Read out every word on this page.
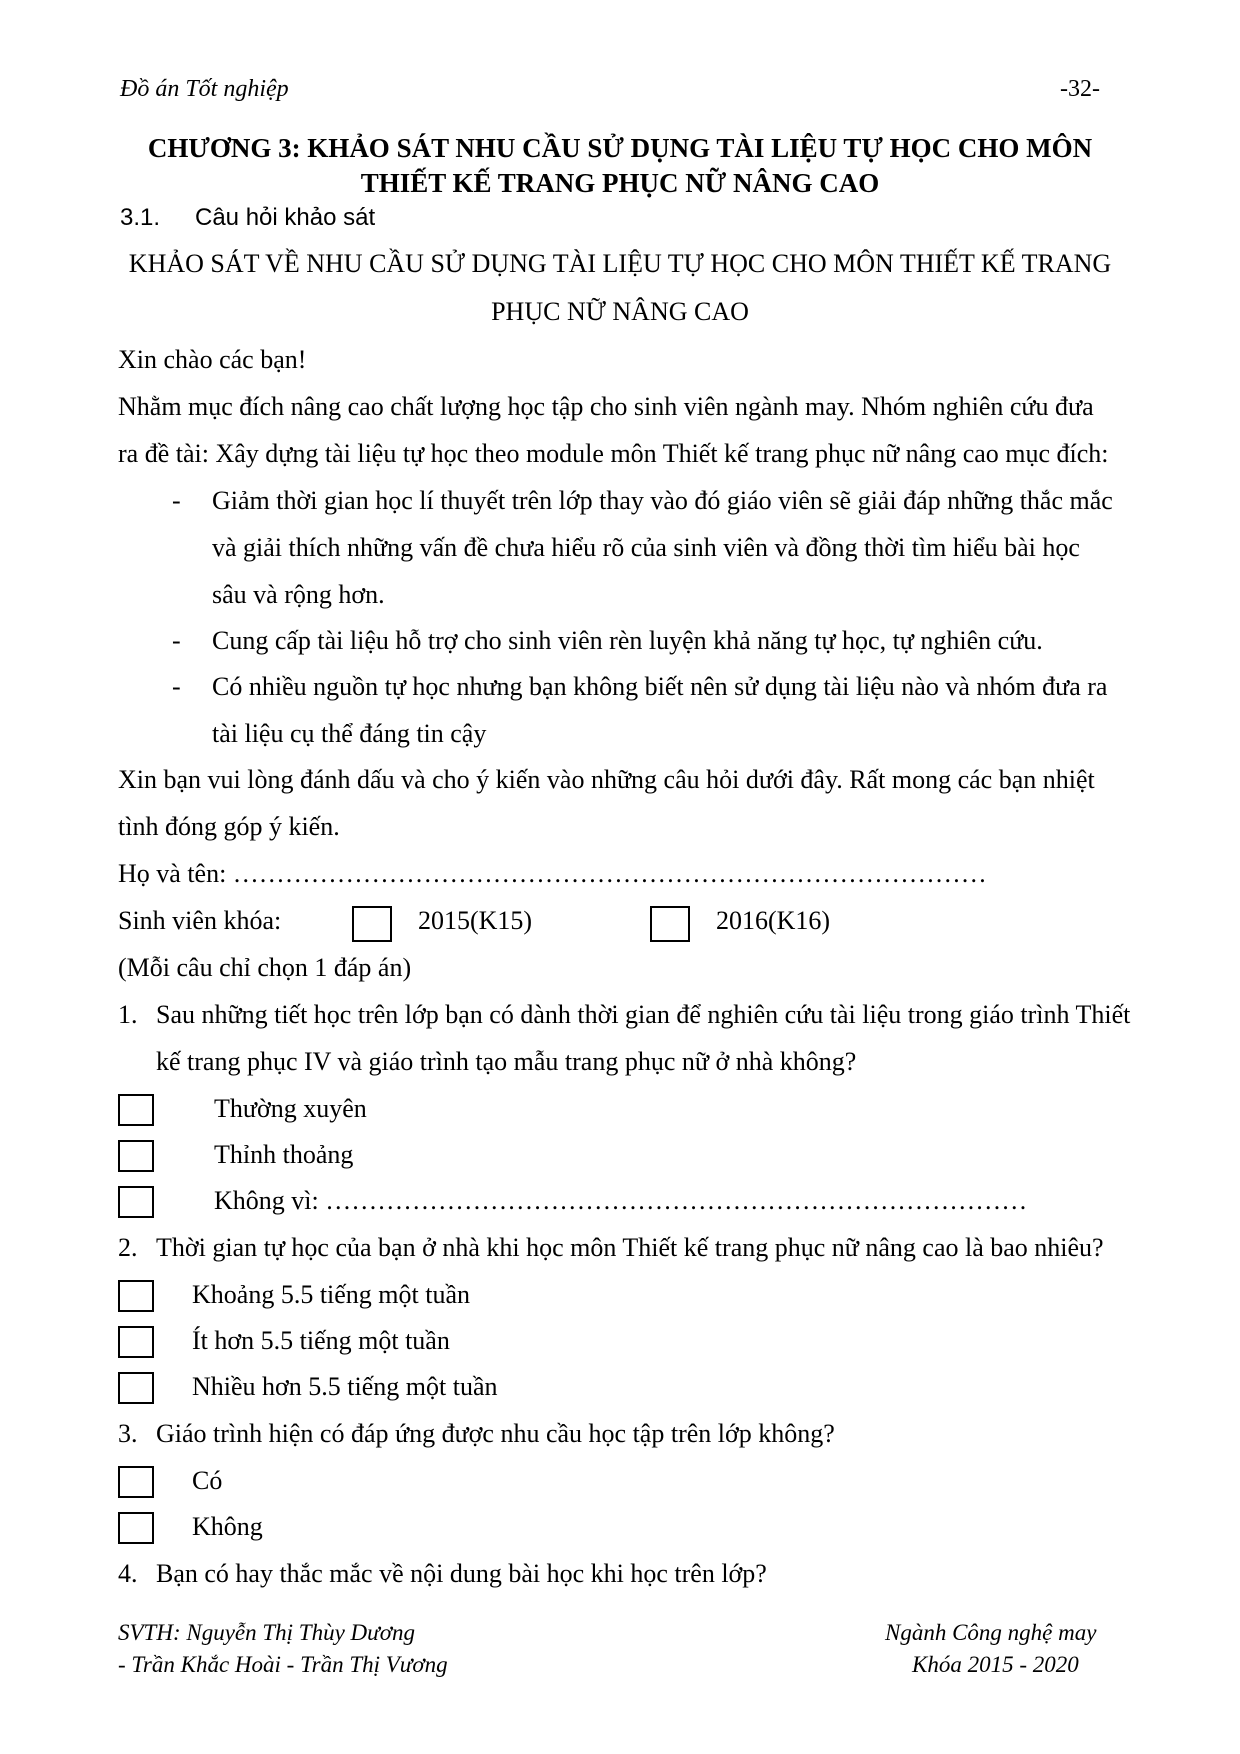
Đồ án Tốt nghiệp	-32-
CHƯƠNG 3: KHẢO SÁT NHU CẦU SỬ DỤNG TÀI LIỆU TỰ HỌC CHO MÔN
THIẾT KẾ TRANG PHỤC NỮ NÂNG CAO
3.1. Câu hỏi khảo sát
KHẢO SÁT VỀ NHU CẦU SỬ DỤNG TÀI LIỆU TỰ HỌC CHO MÔN THIẾT KẾ TRANG
PHỤC NỮ NÂNG CAO
Xin chào các bạn!
Nhằm mục đích nâng cao chất lượng học tập cho sinh viên ngành may. Nhóm nghiên cứu đưa
ra đề tài: Xây dựng tài liệu tự học theo module môn Thiết kế trang phục nữ nâng cao mục đích:
- Giảm thời gian học lí thuyết trên lớp thay vào đó giáo viên sẽ giải đáp những thắc mắc
và giải thích những vấn đề chưa hiểu rõ của sinh viên và đồng thời tìm hiểu bài học
sâu và rộng hơn.
- Cung cấp tài liệu hỗ trợ cho sinh viên rèn luyện khả năng tự học, tự nghiên cứu.
- Có nhiều nguồn tự học nhưng bạn không biết nên sử dụng tài liệu nào và nhóm đưa ra
tài liệu cụ thể đáng tin cậy
Xin bạn vui lòng đánh dấu và cho ý kiến vào những câu hỏi dưới đây. Rất mong các bạn nhiệt
tình đóng góp ý kiến.
Họ và tên: ……………………………………………………………………………
Sinh viên khóa:	2015(K15)	2016(K16)
(Mỗi câu chỉ chọn 1 đáp án)
1. Sau những tiết học trên lớp bạn có dành thời gian để nghiên cứu tài liệu trong giáo trình Thiết
kế trang phục IV và giáo trình tạo mẫu trang phục nữ ở nhà không?
Thường xuyên
Thỉnh thoảng
Không vì: ………………………………………………………………………
2. Thời gian tự học của bạn ở nhà khi học môn Thiết kế trang phục nữ nâng cao là bao nhiêu?
Khoảng 5.5 tiếng một tuần
Ít hơn 5.5 tiếng một tuần
Nhiều hơn 5.5 tiếng một tuần
3. Giáo trình hiện có đáp ứng được nhu cầu học tập trên lớp không?
Có
Không
4. Bạn có hay thắc mắc về nội dung bài học khi học trên lớp?
SVTH: Nguyễn Thị Thùy Dương
- Trần Khắc Hoài - Trần Thị Vương
Ngành Công nghệ may
Khóa 2015 - 2020
